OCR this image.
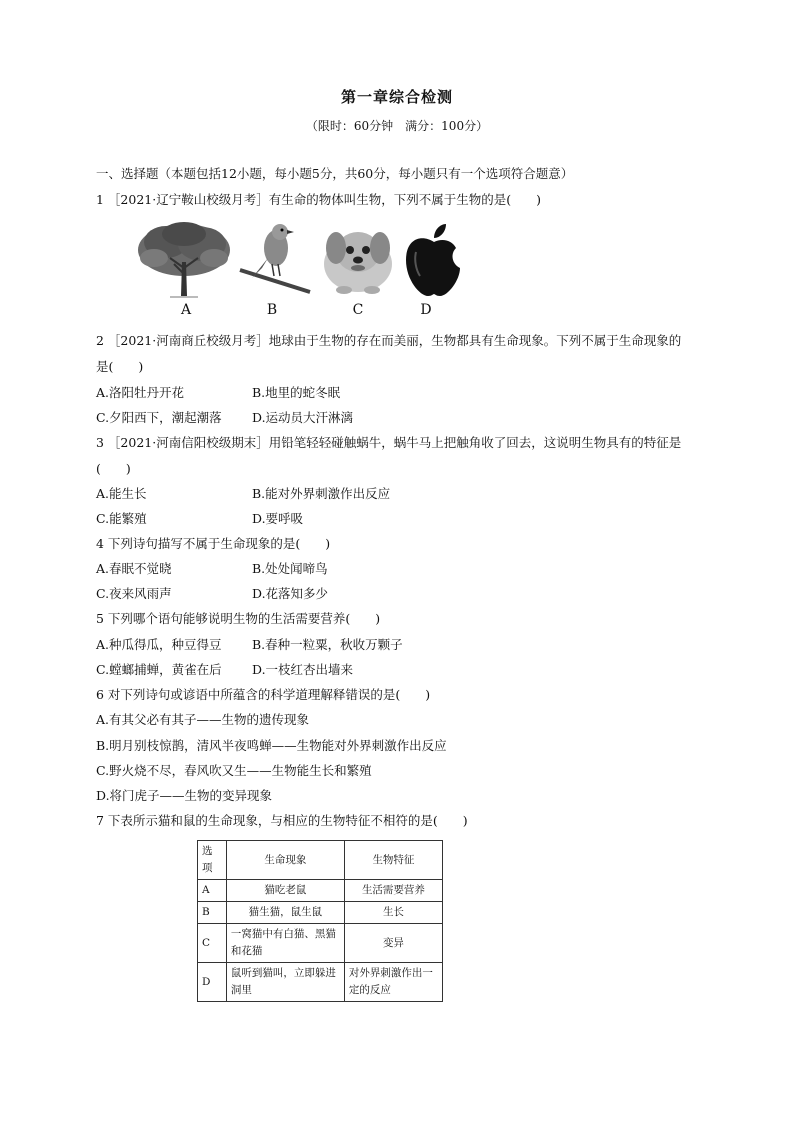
第一章综合检测
（限时：60分钟　满分：100分）
一、选择题（本题包括12小题，每小题5分，共60分，每小题只有一个选项符合题意）
1 ［2021·辽宁鞍山校级月考］有生命的物体叫生物，下列不属于生物的是(　　)
A	B	C	D
2 ［2021·河南商丘校级月考］地球由于生物的存在而美丽，生物都具有生命现象。下列不属于生命现象的
是(　　)
A.洛阳牡丹开花	B.地里的蛇冬眠
C.夕阳西下，潮起潮落 D.运动员大汗淋漓
3 ［2021·河南信阳校级期末］用铅笔轻轻碰触蜗牛，蜗牛马上把触角收了回去，这说明生物具有的特征是
(　　)
A.能生长	B.能对外界刺激作出反应
C.能繁殖	D.要呼吸
4 下列诗句描写不属于生命现象的是(　　)
A.春眠不觉晓	B.处处闻啼鸟
C.夜来风雨声	D.花落知多少
5 下列哪个语句能够说明生物的生活需要营养(　　)
A.种瓜得瓜，种豆得豆 B.春种一粒粟，秋收万颗子
C.螳螂捕蝉，黄雀在后 D.一枝红杏出墙来
6 对下列诗句或谚语中所蕴含的科学道理解释错误的是(　　)
A.有其父必有其子——生物的遗传现象
B.明月别枝惊鹊，清风半夜鸣蝉——生物能对外界刺激作出反应
C.野火烧不尽，春风吹又生——生物能生长和繁殖
D.将门虎子——生物的变异现象
7 下表所示猫和鼠的生命现象，与相应的生物特征不相符的是(　　)
选项	生命现象	生物特征
A	猫吃老鼠	生活需要营养
B	猫生猫，鼠生鼠	生长
C	一窝猫中有白猫、黑猫和花猫	变异
D	鼠听到猫叫，立即躲进洞里	对外界刺激作出一定的反应
